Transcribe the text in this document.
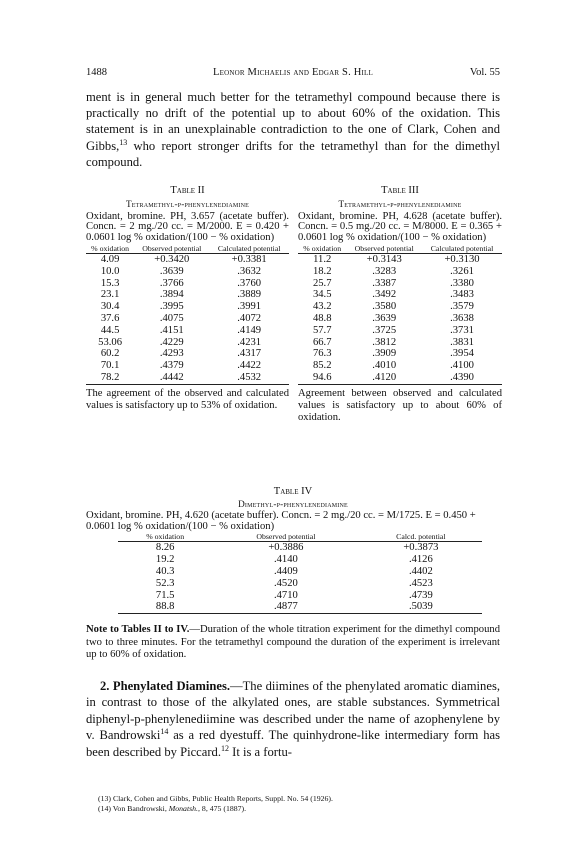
1488	Leonor Michaelis and Edgar S. Hill	Vol. 55

ment is in general much better for the tetramethyl compound because there is practically no drift of the potential up to about 60% of the oxidation. This statement is in an unexplainable contradiction to the one of Clark, Cohen and Gibbs,$^{13}$ who report stronger drifts for the tetramethyl than for the dimethyl compound.

Table II
Tetramethyl-p-phenylenediamine
Oxidant, bromine. PH, 3.657 (acetate buffer). Concn. = 2 mg./20 cc. = M/2000. E = 0.420 + 0.0601 log % oxidation/(100 − % oxidation)
% oxidation	Observed potential	Calculated potential
4.09	+0.3420	+0.3381
10.0	.3639	.3632
15.3	.3766	.3760
23.1	.3894	.3889
30.4	.3995	.3991
37.6	.4075	.4072
44.5	.4151	.4149
53.06	.4229	.4231
60.2	.4293	.4317
70.1	.4379	.4422
78.2	.4442	.4532
The agreement of the observed and calculated values is satisfactory up to 53% of oxidation.
Table III
Tetramethyl-p-phenylenediamine
Oxidant, bromine. PH, 4.628 (acetate buffer). Concn. = 0.5 mg./20 cc. = M/8000. E = 0.365 + 0.0601 log % oxidation/(100 − % oxidation)
% oxidation	Observed potential	Calculated potential
11.2	+0.3143	+0.3130
18.2	.3283	.3261
25.7	.3387	.3380
34.5	.3492	.3483
43.2	.3580	.3579
48.8	.3639	.3638
57.7	.3725	.3731
66.7	.3812	.3831
76.3	.3909	.3954
85.2	.4010	.4100
94.6	.4120	.4390
Agreement between observed and calculated values is satisfactory up to about 60% of oxidation.
Table IV
Dimethyl-p-phenylenediamine
Oxidant, bromine. PH, 4.620 (acetate buffer). Concn. = 2 mg./20 cc. = M/1725. E = 0.450 + 0.0601 log % oxidation/(100 − % oxidation)
% oxidation	Observed potential	Calcd. potential
8.26	+0.3886	+0.3873
19.2	.4140	.4126
40.3	.4409	.4402
52.3	.4520	.4523
71.5	.4710	.4739
88.8	.4877	.5039
Note to Tables II to IV.—Duration of the whole titration experiment for the dimethyl compound two to three minutes. For the tetramethyl compound the duration of the experiment is irrelevant up to 60% of oxidation.

2. Phenylated Diamines.—The diimines of the phenylated aromatic diamines, in contrast to those of the alkylated ones, are stable substances. Symmetrical diphenyl-p-phenylenediimine was described under the name of azophenylene by v. Bandrowski$^{14}$ as a red dyestuff. The quinhydrone-like intermediary form has been described by Piccard.$^{12}$ It is a fortu-

(13) Clark, Cohen and Gibbs, Public Health Reports, Suppl. No. 54 (1926).
(14) Von Bandrowski, Monatsh., 8, 475 (1887).
